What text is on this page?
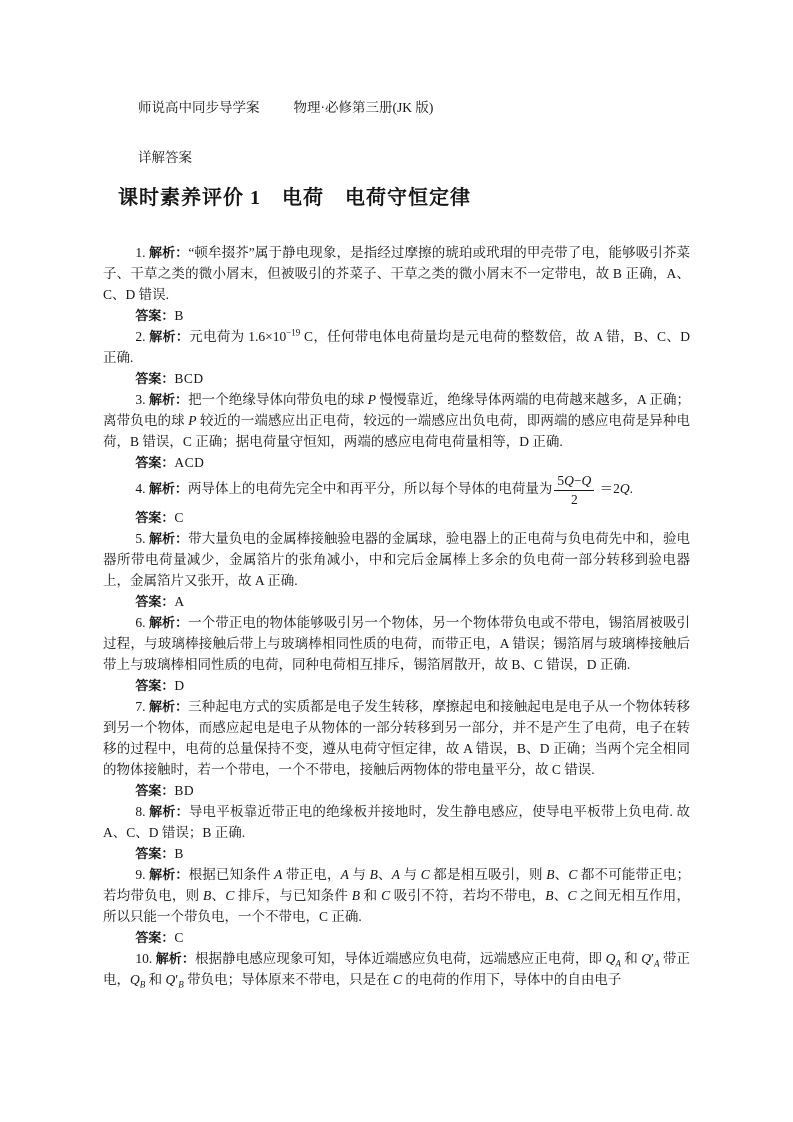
师说高中同步导学案	物理·必修第三册(JK 版)
详解答案
课时素养评价 1　电荷　电荷守恒定律

1. 解析：“顿牟掇芥”属于静电现象，是指经过摩擦的琥珀或玳瑁的甲壳带了电，能够吸引芥菜子、干草之类的微小屑末，但被吸引的芥菜子、干草之类的微小屑末不一定带电，故 B 正确，A、C、D 错误.

答案：B

2. 解析：元电荷为 $1.6\times 10^{-19}$ C，任何带电体电荷量均是元电荷的整数倍，故 A 错，B、C、D 正确.

答案：BCD

3. 解析：把一个绝缘导体向带负电的球 P 慢慢靠近，绝缘导体两端的电荷越来越多，A 正确；离带负电的球 P 较近的一端感应出正电荷，较远的一端感应出负电荷，即两端的感应电荷是异种电荷，B 错误，C 正确；据电荷量守恒知，两端的感应电荷电荷量相等，D 正确.

答案：ACD

4. 解析：两导体上的电荷先完全中和再平分，所以每个导体的电荷量为 $\frac{5Q-Q}{2} =2Q$.

答案：C

5. 解析：带大量负电的金属棒接触验电器的金属球，验电器上的正电荷与负电荷先中和，验电器所带电荷量减少，金属箔片的张角减小，中和完后金属棒上多余的负电荷一部分转移到验电器上，金属箔片又张开，故 A 正确.

答案：A

6. 解析：一个带正电的物体能够吸引另一个物体，另一个物体带负电或不带电，锡箔屑被吸引过程，与玻璃棒接触后带上与玻璃棒相同性质的电荷，而带正电，A 错误；锡箔屑与玻璃棒接触后带上与玻璃棒相同性质的电荷，同种电荷相互排斥，锡箔屑散开，故 B、C 错误，D 正确.

答案：D

7. 解析：三种起电方式的实质都是电子发生转移，摩擦起电和接触起电是电子从一个物体转移到另一个物体，而感应起电是电子从物体的一部分转移到另一部分，并不是产生了电荷，电子在转移的过程中，电荷的总量保持不变，遵从电荷守恒定律，故 A 错误，B、D 正确；当两个完全相同的物体接触时，若一个带电，一个不带电，接触后两物体的带电量平分，故 C 错误.

答案：BD

8. 解析：导电平板靠近带正电的绝缘板并接地时，发生静电感应，使导电平板带上负电荷. 故 A、C、D 错误；B 正确.

答案：B

9. 解析：根据已知条件 A 带正电，A 与 B、A 与 C 都是相互吸引，则 B、C 都不可能带正电；若均带负电，则 B、C 排斥，与已知条件 B 和 C 吸引不符，若均不带电，B、C 之间无相互作用，所以只能一个带负电，一个不带电，C 正确.

答案：C

10. 解析：根据静电感应现象可知，导体近端感应负电荷，远端感应正电荷，即 $Q_A$ 和 $Q'_A$ 带正电，$Q_B$ 和 $Q'_B$ 带负电；导体原来不带电，只是在 C 的电荷的作用下，导体中的自由电子
